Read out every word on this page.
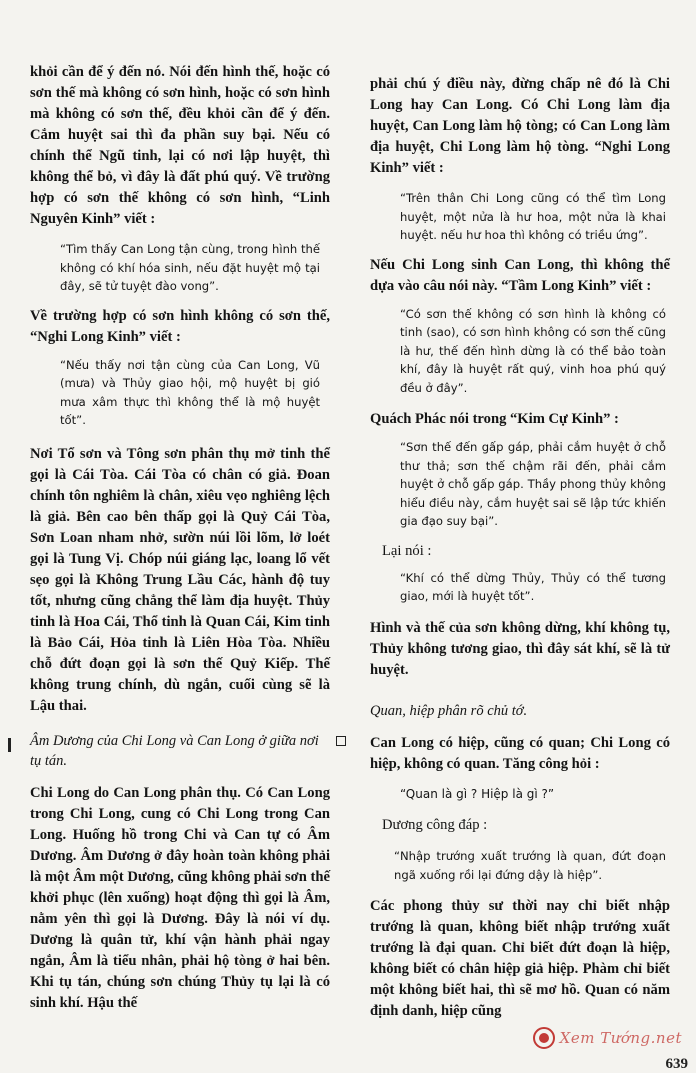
khỏi cần để ý đến nó. Nói đến hình thế, hoặc có sơn thế mà không có sơn hình, hoặc có sơn hình mà không có sơn thế, đều khỏi cần để ý đến. Cắm huyệt sai thì đa phần suy bại. Nếu có chính thể Ngũ tinh, lại có nơi lập huyệt, thì không thể bỏ, vì đây là đất phú quý. Về trường hợp có sơn thế không có sơn hình, “Linh Nguyên Kinh” viết :

“Tìm thấy Can Long tận cùng, trong hình thế không có khí hóa sinh, nếu đặt huyệt mộ tại đây, sẽ tử tuyệt đào vong”.

Về trường hợp có sơn hình không có sơn thế, “Nghi Long Kinh” viết :

“Nếu thấy nơi tận cùng của Can Long, Vũ (mưa) và Thủy giao hội, mộ huyệt bị gió mưa xâm thực thì không thể là mộ huyệt tốt”.

Nơi Tổ sơn và Tông sơn phân thụ mở tinh thể gọi là Cái Tòa. Cái Tòa có chân có giả. Đoan chính tôn nghiêm là chân, xiêu vẹo nghiêng lệch là giả. Bên cao bên thấp gọi là Quỷ Cái Tòa, Sơn Loan nham nhở, sườn núi lồi lõm, lở loét gọi là Tung Vị. Chóp núi giáng lạc, loang lổ vết sẹo gọi là Không Trung Lầu Các, hành độ tuy tốt, nhưng cũng chẳng thể làm địa huyệt. Thủy tinh là Hoa Cái, Thổ tinh là Quan Cái, Kim tinh là Bảo Cái, Hỏa tinh là Liên Hòa Tòa. Nhiều chỗ đứt đoạn gọi là sơn thế Quỷ Kiếp. Thế không trung chính, dù ngắn, cuối cùng sẽ là Lậu thai.

Âm Dương của Chi Long và Can Long ở giữa nơi tụ tán.

Chi Long do Can Long phân thụ. Có Can Long trong Chi Long, cung có Chi Long trong Can Long. Huống hồ trong Chi và Can tự có Âm Dương. Âm Dương ở đây hoàn toàn không phải là một Âm một Dương, cũng không phải sơn thế khởi phục (lên xuống) hoạt động thì gọi là Âm, nằm yên thì gọi là Dương. Đây là nói ví dụ. Dương là quân tử, khí vận hành phải ngay ngắn, Âm là tiểu nhân, phải hộ tòng ở hai bên. Khi tụ tán, chúng sơn chúng Thủy tụ lại là có sinh khí. Hậu thế

phải chú ý điều này, đừng chấp nê đó là Chi Long hay Can Long. Có Chi Long làm địa huyệt, Can Long làm hộ tòng; có Can Long làm địa huyệt, Chi Long làm hộ tòng. “Nghi Long Kinh” viết :

“Trên thân Chi Long cũng có thể tìm Long huyệt, một nửa là hư hoa, một nửa là khai huyệt. nếu hư hoa thì không có triều ứng”.

Nếu Chi Long sinh Can Long, thì không thể dựa vào câu nói này. “Tầm Long Kinh” viết :

“Có sơn thế không có sơn hình là không có tinh (sao), có sơn hình không có sơn thế cũng là hư, thế đến hình dừng là có thể bảo toàn khí, đây là huyệt rất quý, vinh hoa phú quý đều ở đây”.

Quách Phác nói trong “Kim Cự Kinh” :

“Sơn thế đến gấp gáp, phải cắm huyệt ở chỗ thư thả; sơn thế chậm rãi đến, phải cắm huyệt ở chỗ gấp gáp. Thầy phong thủy không hiểu điều này, cắm huyệt sai sẽ lập tức khiến gia đạo suy bại”.

Lại nói :

“Khí có thể dừng Thủy, Thủy có thể tương giao, mới là huyệt tốt”.

Hình và thế của sơn không dừng, khí không tụ, Thủy không tương giao, thì đây sát khí, sẽ là tử huyệt.

Quan, hiệp phân rõ chủ tớ.

Can Long có hiệp, cũng có quan; Chi Long có hiệp, không có quan. Tăng công hỏi :

“Quan là gì ? Hiệp là gì ?”

Dương công đáp :

“Nhập trướng xuất trướng là quan, đứt đoạn ngã xuống rồi lại đứng dậy là hiệp”.

Các phong thủy sư thời nay chỉ biết nhập trướng là quan, không biết nhập trướng xuất trướng là đại quan. Chỉ biết đứt đoạn là hiệp, không biết có chân hiệp giả hiệp. Phàm chỉ biết một không biết hai, thì sẽ mơ hồ. Quan có năm định danh, hiệp cũng

Xem Tướng.net
639
